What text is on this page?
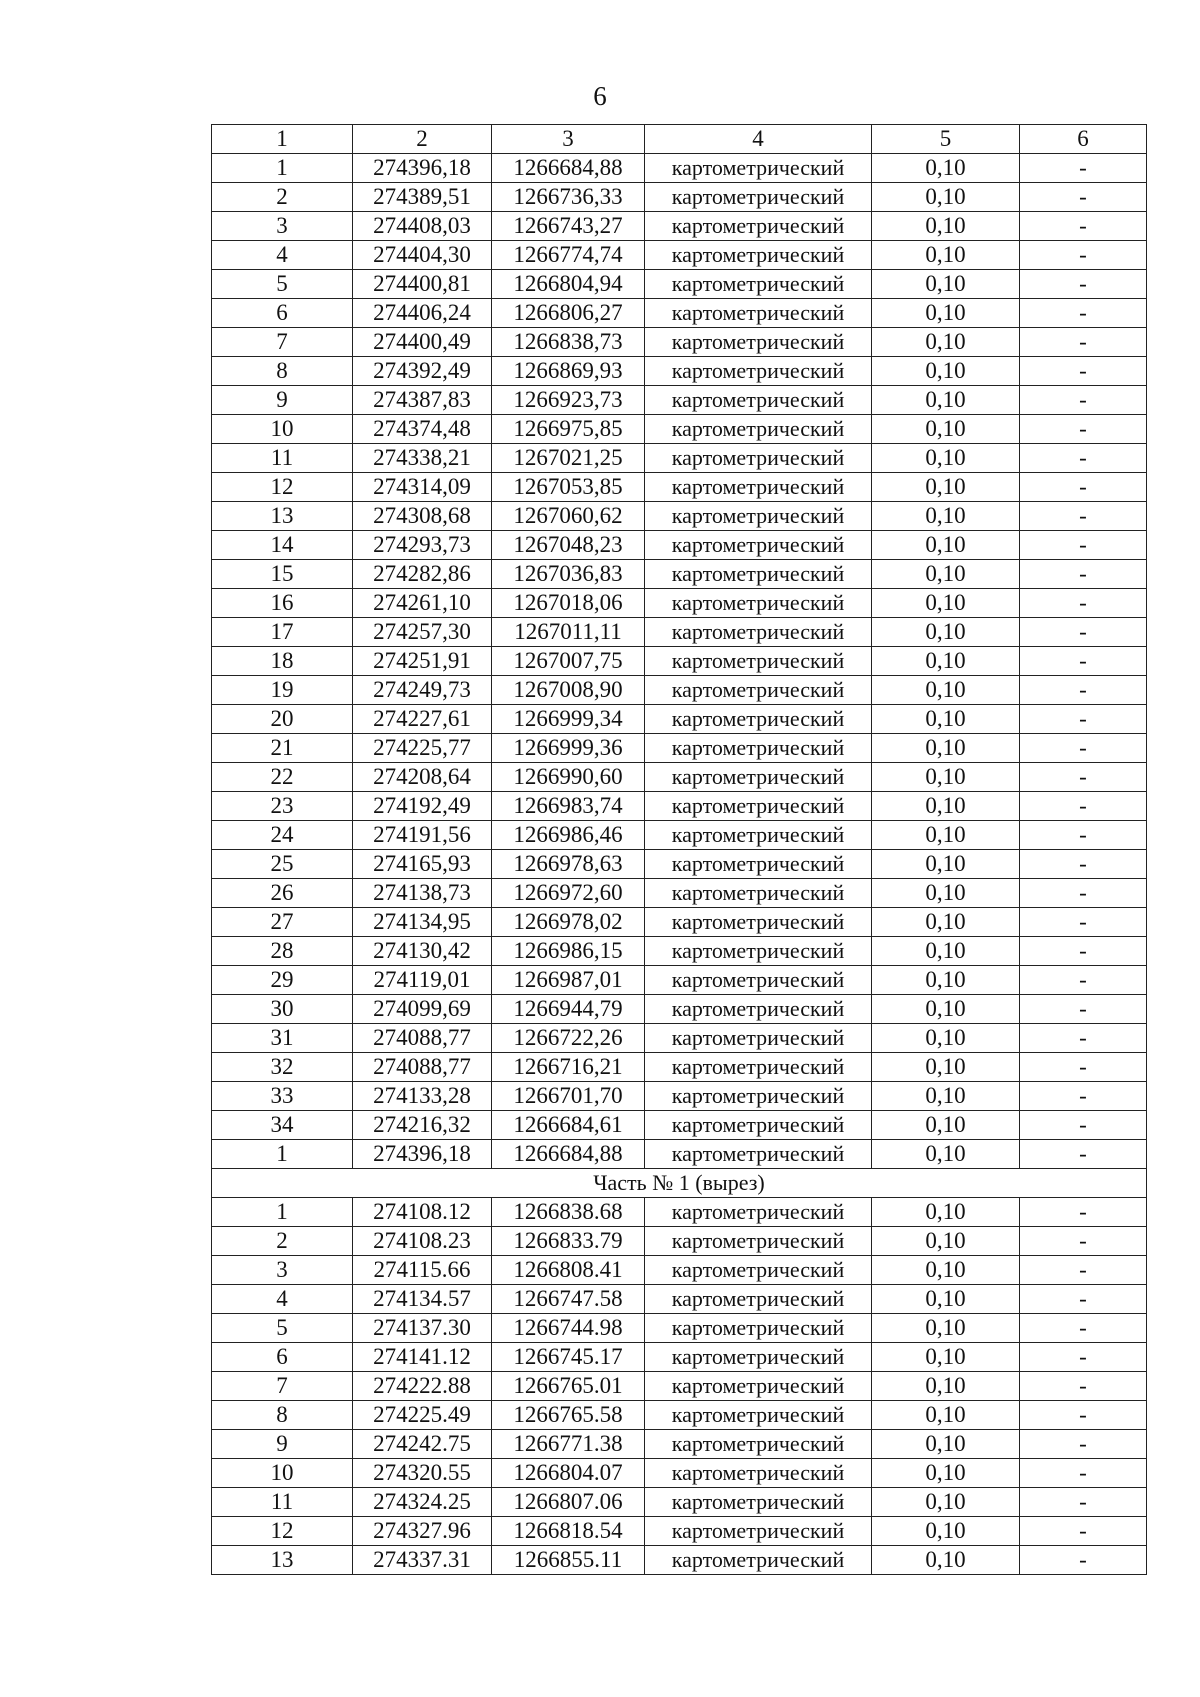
6
1	2	3	4	5	6
1	274396,18	1266684,88	картометрический	0,10	-
2	274389,51	1266736,33	картометрический	0,10	-
3	274408,03	1266743,27	картометрический	0,10	-
4	274404,30	1266774,74	картометрический	0,10	-
5	274400,81	1266804,94	картометрический	0,10	-
6	274406,24	1266806,27	картометрический	0,10	-
7	274400,49	1266838,73	картометрический	0,10	-
8	274392,49	1266869,93	картометрический	0,10	-
9	274387,83	1266923,73	картометрический	0,10	-
10	274374,48	1266975,85	картометрический	0,10	-
11	274338,21	1267021,25	картометрический	0,10	-
12	274314,09	1267053,85	картометрический	0,10	-
13	274308,68	1267060,62	картометрический	0,10	-
14	274293,73	1267048,23	картометрический	0,10	-
15	274282,86	1267036,83	картометрический	0,10	-
16	274261,10	1267018,06	картометрический	0,10	-
17	274257,30	1267011,11	картометрический	0,10	-
18	274251,91	1267007,75	картометрический	0,10	-
19	274249,73	1267008,90	картометрический	0,10	-
20	274227,61	1266999,34	картометрический	0,10	-
21	274225,77	1266999,36	картометрический	0,10	-
22	274208,64	1266990,60	картометрический	0,10	-
23	274192,49	1266983,74	картометрический	0,10	-
24	274191,56	1266986,46	картометрический	0,10	-
25	274165,93	1266978,63	картометрический	0,10	-
26	274138,73	1266972,60	картометрический	0,10	-
27	274134,95	1266978,02	картометрический	0,10	-
28	274130,42	1266986,15	картометрический	0,10	-
29	274119,01	1266987,01	картометрический	0,10	-
30	274099,69	1266944,79	картометрический	0,10	-
31	274088,77	1266722,26	картометрический	0,10	-
32	274088,77	1266716,21	картометрический	0,10	-
33	274133,28	1266701,70	картометрический	0,10	-
34	274216,32	1266684,61	картометрический	0,10	-
1	274396,18	1266684,88	картометрический	0,10	-
Часть № 1 (вырез)					
1	274108.12	1266838.68	картометрический	0,10	-
2	274108.23	1266833.79	картометрический	0,10	-
3	274115.66	1266808.41	картометрический	0,10	-
4	274134.57	1266747.58	картометрический	0,10	-
5	274137.30	1266744.98	картометрический	0,10	-
6	274141.12	1266745.17	картометрический	0,10	-
7	274222.88	1266765.01	картометрический	0,10	-
8	274225.49	1266765.58	картометрический	0,10	-
9	274242.75	1266771.38	картометрический	0,10	-
10	274320.55	1266804.07	картометрический	0,10	-
11	274324.25	1266807.06	картометрический	0,10	-
12	274327.96	1266818.54	картометрический	0,10	-
13	274337.31	1266855.11	картометрический	0,10	-
